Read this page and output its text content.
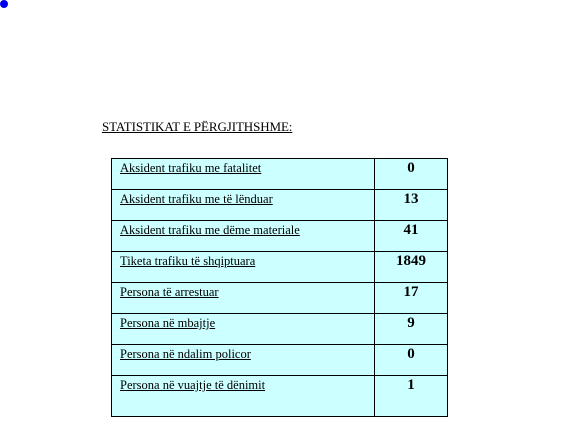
STATISTIKAT E PËRGJITHSHME:
Aksident trafiku me fatalitet	0
Aksident trafiku me të lënduar	13
Aksident trafiku me dëme materiale	41
Tiketa trafiku të shqiptuara	1849
Persona të arrestuar	17
Persona në mbajtje	9
Persona në ndalim policor	0
Persona në vuajtje të dënimit	1
